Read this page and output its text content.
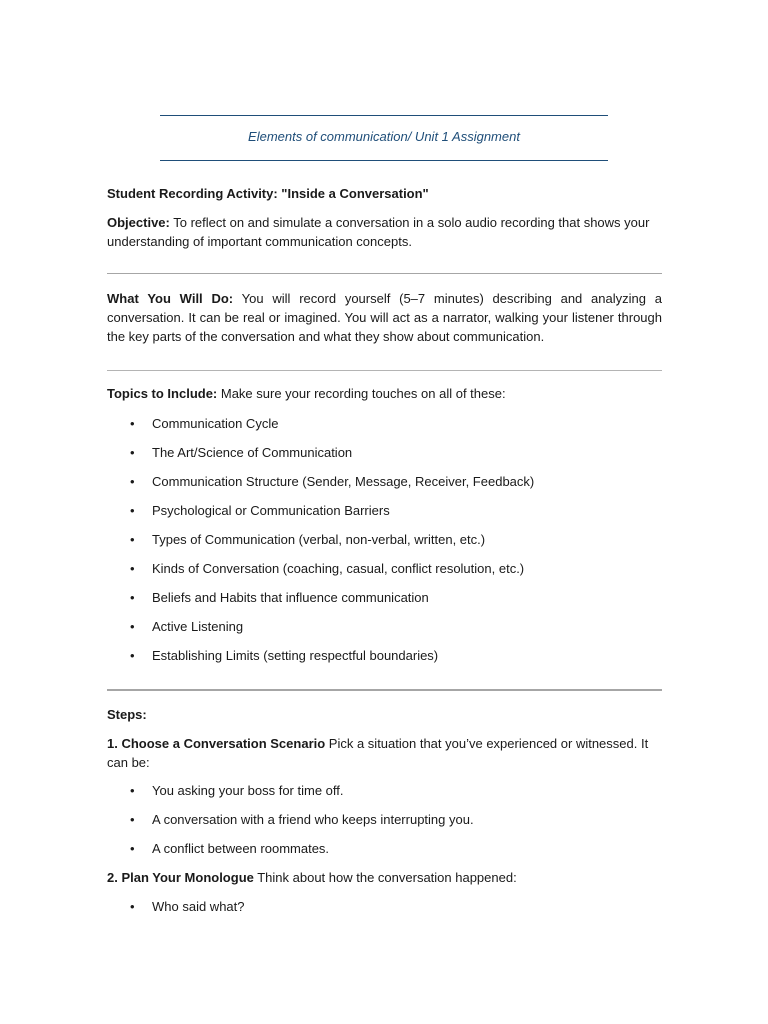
Elements of communication/ Unit 1 Assignment
Student Recording Activity: "Inside a Conversation"
Objective: To reflect on and simulate a conversation in a solo audio recording that shows your understanding of important communication concepts.
What You Will Do: You will record yourself (5–7 minutes) describing and analyzing a conversation. It can be real or imagined. You will act as a narrator, walking your listener through the key parts of the conversation and what they show about communication.
Topics to Include: Make sure your recording touches on all of these:
• Communication Cycle
• The Art/Science of Communication
• Communication Structure (Sender, Message, Receiver, Feedback)
• Psychological or Communication Barriers
• Types of Communication (verbal, non-verbal, written, etc.)
• Kinds of Conversation (coaching, casual, conflict resolution, etc.)
• Beliefs and Habits that influence communication
• Active Listening
• Establishing Limits (setting respectful boundaries)
Steps:
1. Choose a Conversation Scenario Pick a situation that you’ve experienced or witnessed. It can be:
• You asking your boss for time off.
• A conversation with a friend who keeps interrupting you.
• A conflict between roommates.
2. Plan Your Monologue Think about how the conversation happened:
• Who said what?
